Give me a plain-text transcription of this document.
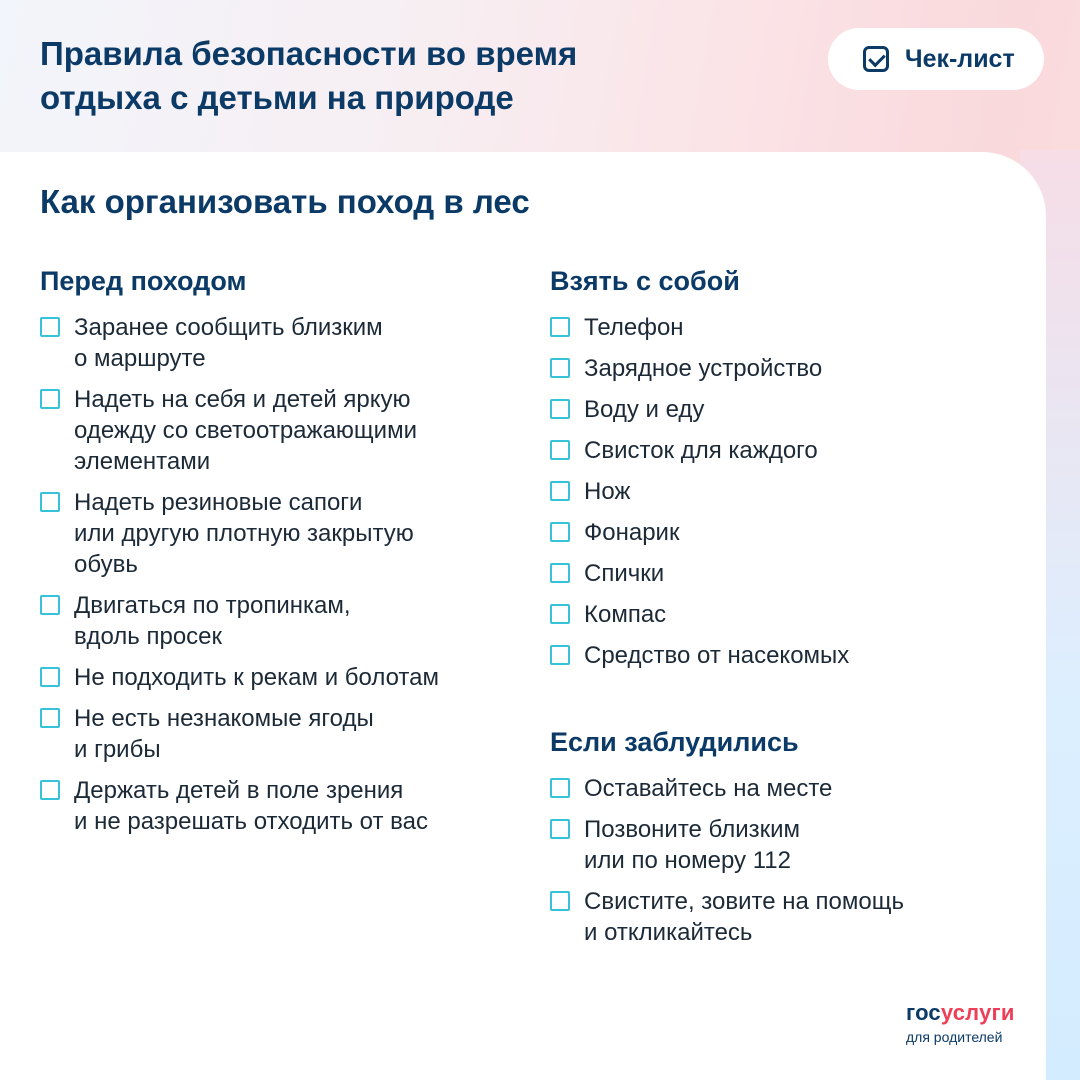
Правила безопасности во время
отдыха с детьми на природе
Чек-лист
Как организовать поход в лес
Перед походом
Заранее сообщить близким
о маршруте
Надеть на себя и детей яркую
одежду со светоотражающими
элементами
Надеть резиновые сапоги
или другую плотную закрытую
обувь
Двигаться по тропинкам,
вдоль просек
Не подходить к рекам и болотам
Не есть незнакомые ягоды
и грибы
Держать детей в поле зрения
и не разрешать отходить от вас
Взять с собой
Телефон
Зарядное устройство
Воду и еду
Свисток для каждого
Нож
Фонарик
Спички
Компас
Средство от насекомых
Если заблудились
Оставайтесь на месте
Позвоните близким
или по номеру 112
Свистите, зовите на помощь
и откликайтесь
госуслуги
для родителей
